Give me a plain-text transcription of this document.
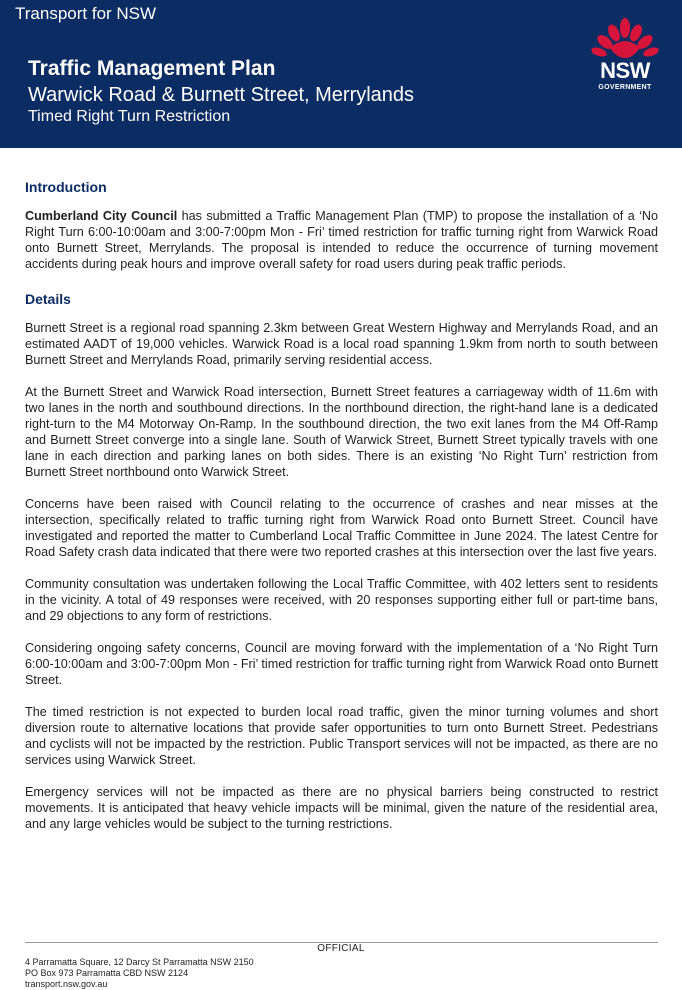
Transport for NSW
Traffic Management Plan
Warwick Road & Burnett Street, Merrylands
Timed Right Turn Restriction
NSW
GOVERNMENT
Introduction

Cumberland City Council has submitted a Traffic Management Plan (TMP) to propose the installation of a ‘No Right Turn 6:00-10:00am and 3:00-7:00pm Mon - Fri’ timed restriction for traffic turning right from Warwick Road onto Burnett Street, Merrylands. The proposal is intended to reduce the occurrence of turning movement accidents during peak hours and improve overall safety for road users during peak traffic periods.

Details

Burnett Street is a regional road spanning 2.3km between Great Western Highway and Merrylands Road, and an estimated AADT of 19,000 vehicles. Warwick Road is a local road spanning 1.9km from north to south between Burnett Street and Merrylands Road, primarily serving residential access.

At the Burnett Street and Warwick Road intersection, Burnett Street features a carriageway width of 11.6m with two lanes in the north and southbound directions. In the northbound direction, the right-hand lane is a dedicated right-turn to the M4 Motorway On-Ramp. In the southbound direction, the two exit lanes from the M4 Off-Ramp and Burnett Street converge into a single lane. South of Warwick Street, Burnett Street typically travels with one lane in each direction and parking lanes on both sides. There is an existing ‘No Right Turn’ restriction from Burnett Street northbound onto Warwick Street.

Concerns have been raised with Council relating to the occurrence of crashes and near misses at the intersection, specifically related to traffic turning right from Warwick Road onto Burnett Street. Council have investigated and reported the matter to Cumberland Local Traffic Committee in June 2024. The latest Centre for Road Safety crash data indicated that there were two reported crashes at this intersection over the last five years.

Community consultation was undertaken following the Local Traffic Committee, with 402 letters sent to residents in the vicinity. A total of 49 responses were received, with 20 responses supporting either full or part-time bans, and 29 objections to any form of restrictions.

Considering ongoing safety concerns, Council are moving forward with the implementation of a ‘No Right Turn 6:00-10:00am and 3:00-7:00pm Mon - Fri’ timed restriction for traffic turning right from Warwick Road onto Burnett Street.

The timed restriction is not expected to burden local road traffic, given the minor turning volumes and short diversion route to alternative locations that provide safer opportunities to turn onto Burnett Street. Pedestrians and cyclists will not be impacted by the restriction. Public Transport services will not be impacted, as there are no services using Warwick Street.

Emergency services will not be impacted as there are no physical barriers being constructed to restrict movements. It is anticipated that heavy vehicle impacts will be minimal, given the nature of the residential area, and any large vehicles would be subject to the turning restrictions.

OFFICIAL
4 Parramatta Square, 12 Darcy St Parramatta NSW 2150
PO Box 973 Parramatta CBD NSW 2124
transport.nsw.gov.au
